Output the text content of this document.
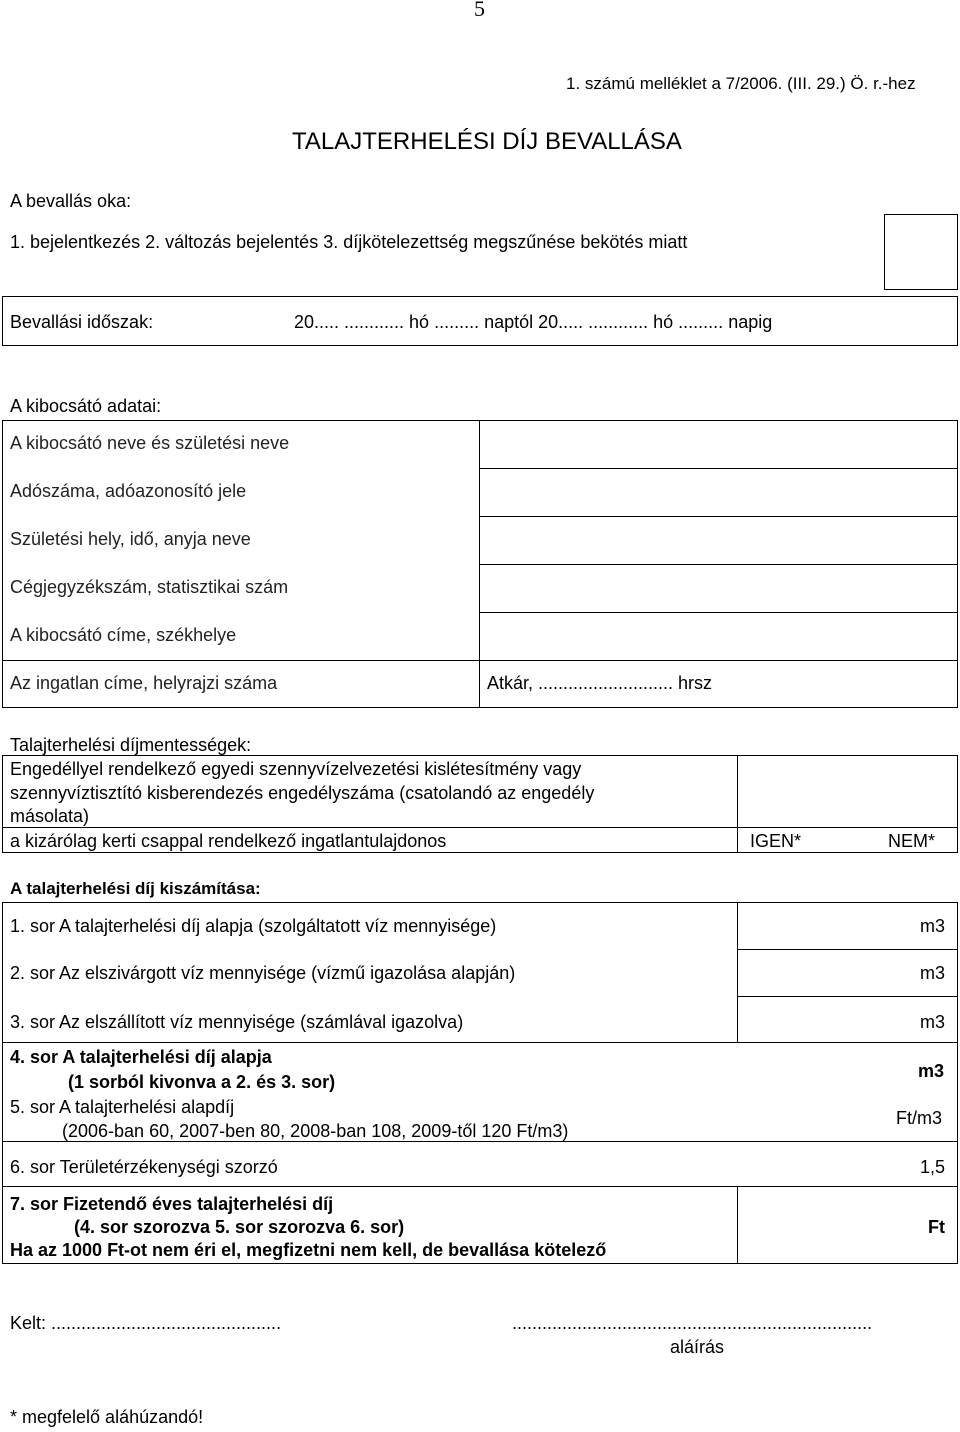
5
1. számú melléklet a 7/2006. (III. 29.) Ö. r.-hez
TALAJTERHELÉSI DÍJ BEVALLÁSA
A bevallás oka:
1. bejelentkezés 2. változás bejelentés 3. díjkötelezettség megszűnése bekötés miatt
Bevallási időszak:	20..... ............ hó ......... naptól 20..... ............ hó ......... napig
A kibocsátó adatai:
A kibocsátó neve és születési neve
Adószáma, adóazonosító jele
Születési hely, idő, anyja neve
Cégjegyzékszám, statisztikai szám
A kibocsátó címe, székhelye
Az ingatlan címe, helyrajzi száma	Atkár, ........................... hrsz
Talajterhelési díjmentességek:
Engedéllyel rendelkező egyedi szennyvízelvezetési kislétesítmény vagy
szennyvíztisztító kisberendezés engedélyszáma (csatolandó az engedély
másolata)
a kizárólag kerti csappal rendelkező ingatlantulajdonos	IGEN*	NEM*
A talajterhelési díj kiszámítása:
1. sor A talajterhelési díj alapja (szolgáltatott víz mennyisége)	m3
2. sor Az elszivárgott víz mennyisége (vízmű igazolása alapján)	m3
3. sor Az elszállított víz mennyisége (számlával igazolva)	m3
4. sor A talajterhelési díj alapja
(1 sorból kivonva a 2. és 3. sor)
m3
5. sor A talajterhelési alapdíj
(2006-ban 60, 2007-ben 80, 2008-ban 108, 2009-től 120 Ft/m3)
Ft/m3
6. sor Területérzékenységi szorzó	1,5
7. sor Fizetendő éves talajterhelési díj
(4. sor szorozva 5. sor szorozva 6. sor)
Ha az 1000 Ft-ot nem éri el, megfizetni nem kell, de bevallása kötelező
Ft
Kelt: ..............................................	........................................................................
aláírás
* megfelelő aláhúzandó!
